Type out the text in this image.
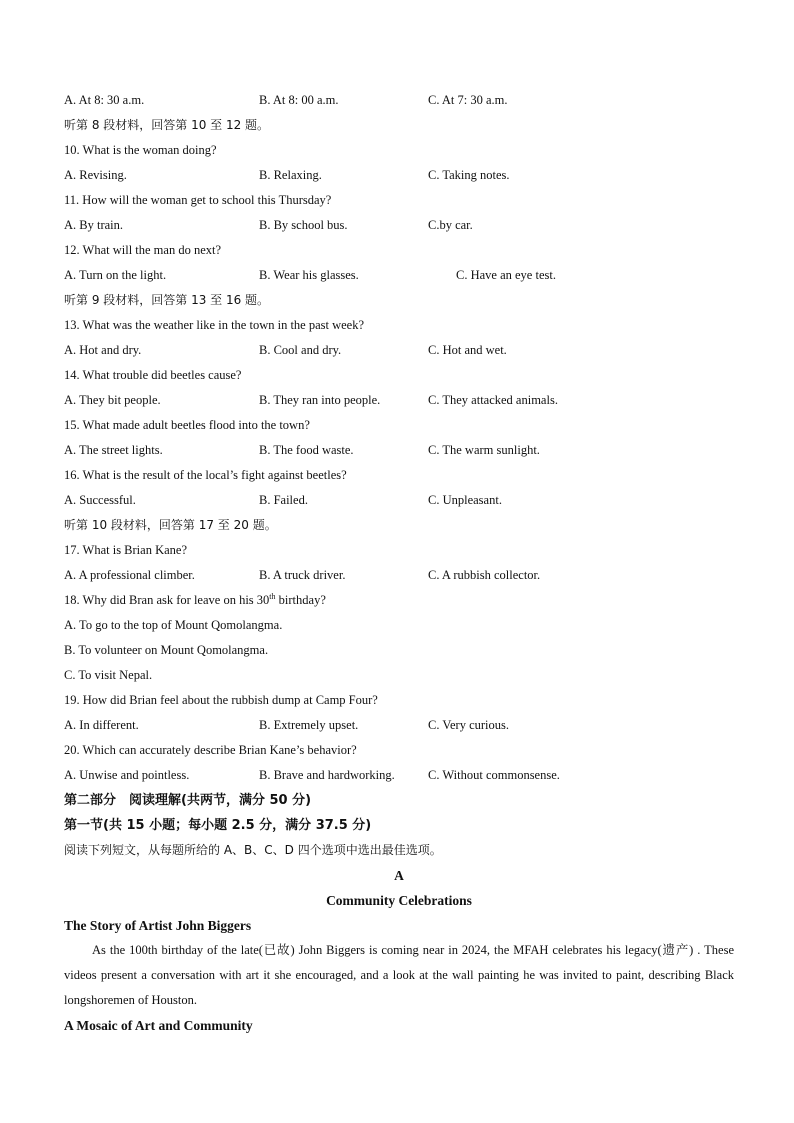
A. At 8: 30 a.m.	B. At 8: 00 a.m.	C. At 7: 30 a.m.
听第 8 段材料，回答第 10 至 12 题。
10. What is the woman doing?
A. Revising.	B. Relaxing.	C. Taking notes.
11. How will the woman get to school this Thursday?
A. By train.	B. By school bus.	C.by car.
12. What will the man do next?
A. Turn on the light.	B. Wear his glasses.	C. Have an eye test.
听第 9 段材料，回答第 13 至 16 题。
13. What was the weather like in the town in the past week?
A. Hot and dry.	B. Cool and dry.	C. Hot and wet.
14. What trouble did beetles cause?
A. They bit people.	B. They ran into people.	C. They attacked animals.
15. What made adult beetles flood into the town?
A. The street lights.	B. The food waste.	C. The warm sunlight.
16. What is the result of the local’s fight against beetles?
A. Successful.	B. Failed.	C. Unpleasant.
听第 10 段材料，回答第 17 至 20 题。
17. What is Brian Kane?
A. A professional climber.	B. A truck driver.	C. A rubbish collector.
18. Why did Bran ask for leave on his 30th birthday?
A. To go to the top of Mount Qomolangma.
B. To volunteer on Mount Qomolangma.
C. To visit Nepal.
19. How did Brian feel about the rubbish dump at Camp Four?
A. In different.	B. Extremely upset.	C. Very curious.
20. Which can accurately describe Brian Kane’s behavior?
A. Unwise and pointless.	B. Brave and hardworking.	C. Without commonsense.
第二部分　阅读理解(共两节，满分 50 分)
第一节(共 15 小题；每小题 2.5 分，满分 37.5 分)
阅读下列短文，从每题所给的 A、B、C、D 四个选项中选出最佳选项。
A
Community Celebrations
The Story of Artist John Biggers
As the 100th birthday of the late(已故) John Biggers is coming near in 2024, the MFAH celebrates his legacy(遗产) . These videos present a conversation with art it she encouraged, and a look at the wall painting he was invited to paint, describing Black longshoremen of Houston.
A Mosaic of Art and Community
